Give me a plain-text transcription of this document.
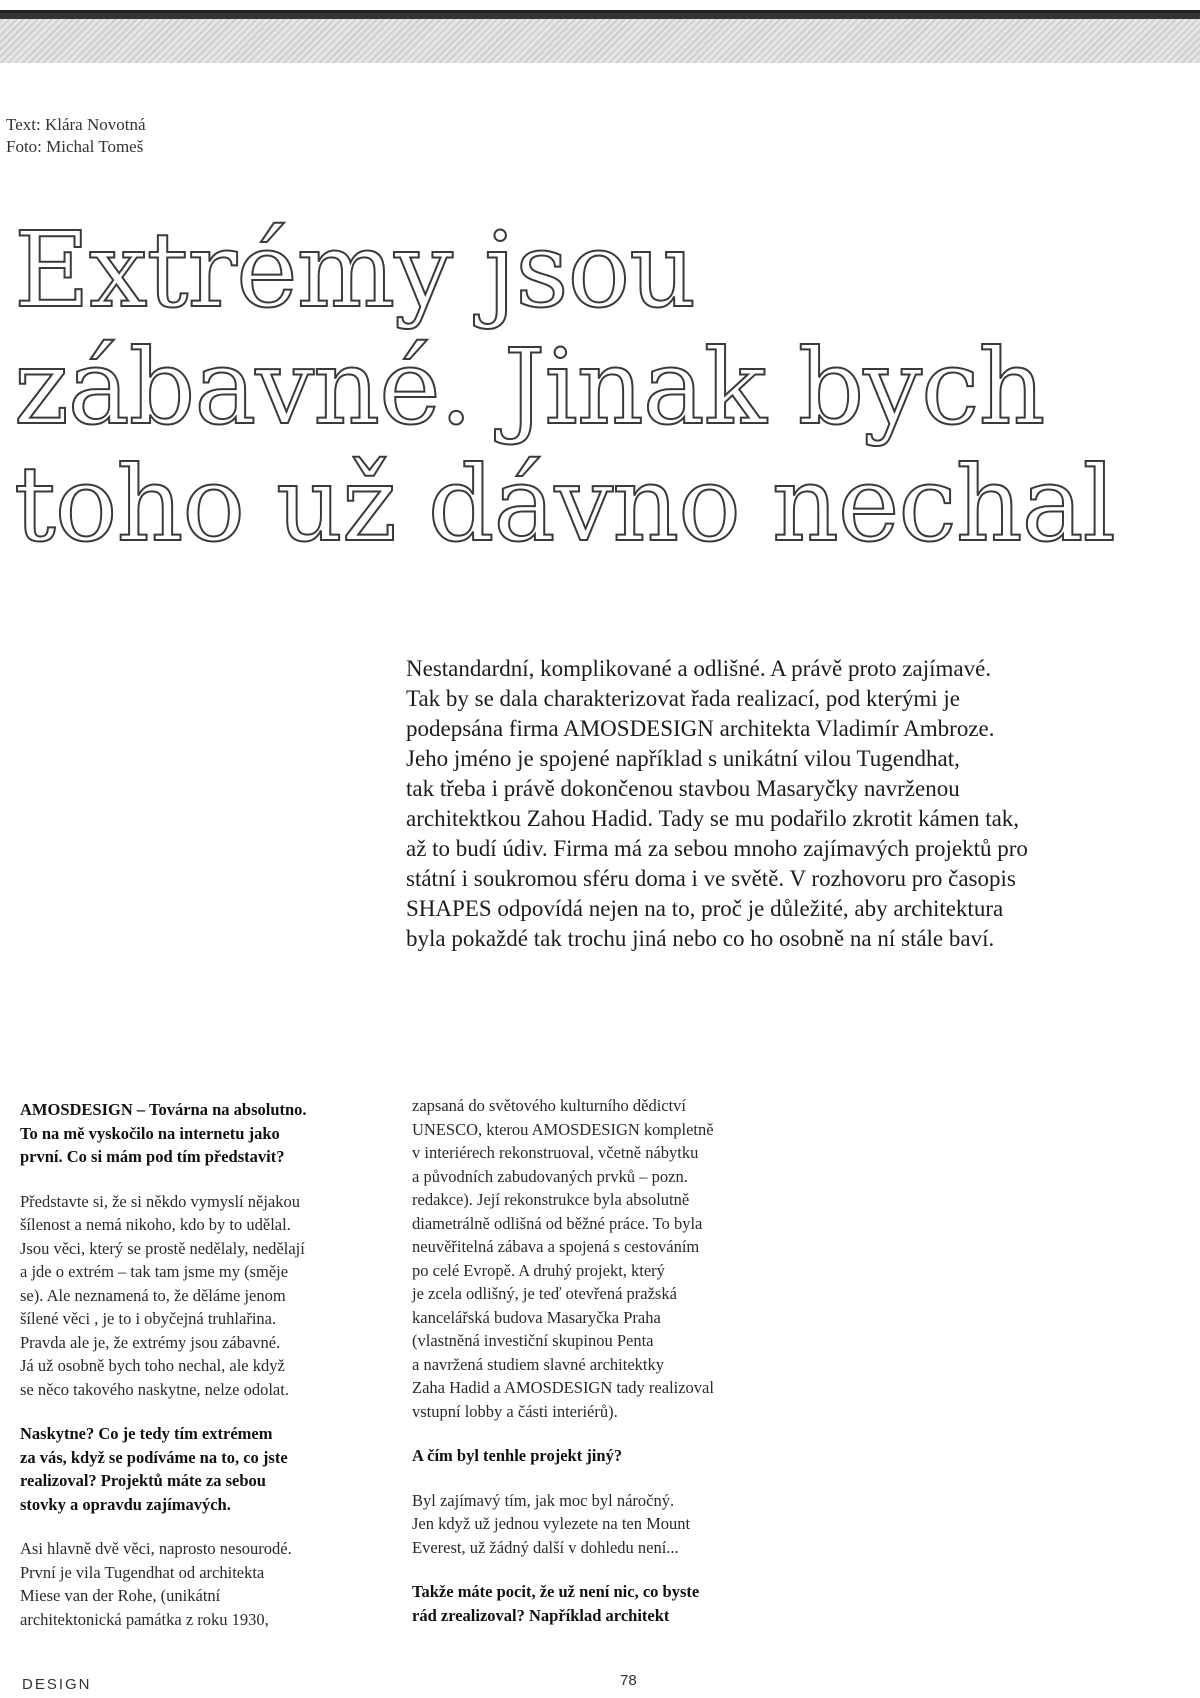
Text: Klára Novotná
Foto: Michal Tomeš
Extrémy jsou
zábavné. Jinak bych
toho už dávno nechal

Nestandardní, komplikované a odlišné. A právě proto zajímavé.
Tak by se dala charakterizovat řada realizací, pod kterými je
podepsána firma AMOSDESIGN architekta Vladimír Ambroze.
Jeho jméno je spojené například s unikátní vilou Tugendhat,
tak třeba i právě dokončenou stavbou Masaryčky navrženou
architektkou Zahou Hadid. Tady se mu podařilo zkrotit kámen tak,
až to budí údiv. Firma má za sebou mnoho zajímavých projektů pro
státní i soukromou sféru doma i ve světě. V rozhovoru pro časopis
SHAPES odpovídá nejen na to, proč je důležité, aby architektura
byla pokaždé tak trochu jiná nebo co ho osobně na ní stále baví.

AMOSDESIGN – Továrna na absolutno.
To na mě vyskočilo na internetu jako
první. Co si mám pod tím představit?

Představte si, že si někdo vymyslí nějakou
šílenost a nemá nikoho, kdo by to udělal.
Jsou věci, který se prostě nedělaly, nedělají
a jde o extrém – tak tam jsme my (směje
se). Ale neznamená to, že děláme jenom
šílené věci , je to i obyčejná truhlařina.
Pravda ale je, že extrémy jsou zábavné.
Já už osobně bych toho nechal, ale když
se něco takového naskytne, nelze odolat.

Naskytne? Co je tedy tím extrémem
za vás, když se podíváme na to, co jste
realizoval? Projektů máte za sebou
stovky a opravdu zajímavých.

Asi hlavně dvě věci, naprosto nesourodé.
První je vila Tugendhat od architekta
Miese van der Rohe, (unikátní
architektonická památka z roku 1930,

zapsaná do světového kulturního dědictví
UNESCO, kterou AMOSDESIGN kompletně
v interiérech rekonstruoval, včetně nábytku
a původních zabudovaných prvků – pozn.
redakce). Její rekonstrukce byla absolutně
diametrálně odlišná od běžné práce. To byla
neuvěřitelná zábava a spojená s cestováním
po celé Evropě. A druhý projekt, který
je zcela odlišný, je teď otevřená pražská
kancelářská budova Masaryčka Praha
(vlastněná investiční skupinou Penta
a navržená studiem slavné architektky
Zaha Hadid a AMOSDESIGN tady realizoval
vstupní lobby a části interiérů).

A čím byl tenhle projekt jiný?

Byl zajímavý tím, jak moc byl náročný.
Jen když už jednou vylezete na ten Mount
Everest, už žádný další v dohledu není...

Takže máte pocit, že už není nic, co byste
rád zrealizoval? Například architekt

DESIGN	78
